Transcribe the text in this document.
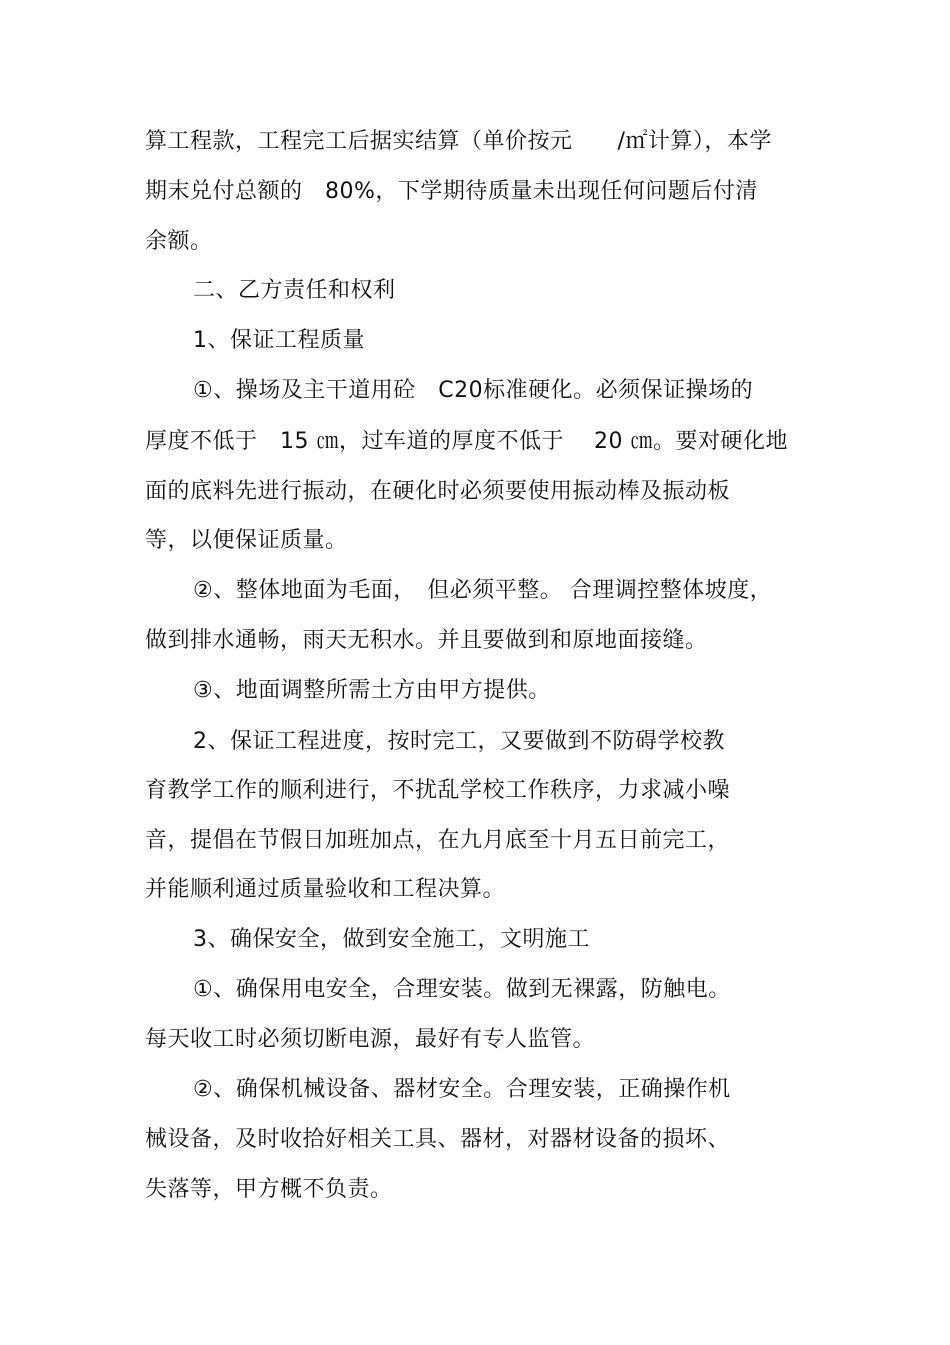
算工程款，工程完工后据实结算（单价按元　　/㎡计算），本学
期末兑付总额的　80%，下学期待质量未出现任何问题后付清
余额。
二、乙方责任和权利
1、保证工程质量
①、操场及主干道用砼　C20标准硬化。必须保证操场的
厚度不低于　15 ㎝，过车道的厚度不低于　 20 ㎝。要对硬化地
面的底料先进行振动，在硬化时必须要使用振动棒及振动板
等，以便保证质量。
②、整体地面为毛面，　但必须平整。 合理调控整体坡度，
做到排水通畅，雨天无积水。并且要做到和原地面接缝。
③、地面调整所需土方由甲方提供。
2、保证工程进度，按时完工，又要做到不防碍学校教
育教学工作的顺利进行，不扰乱学校工作秩序，力求减小噪
音，提倡在节假日加班加点，在九月底至十月五日前完工，
并能顺利通过质量验收和工程决算。
3、确保安全，做到安全施工，文明施工
①、确保用电安全，合理安装。做到无裸露，防触电。
每天收工时必须切断电源，最好有专人监管。
②、确保机械设备、器材安全。合理安装，正确操作机
械设备，及时收拾好相关工具、器材，对器材设备的损坏、
失落等，甲方概不负责。
